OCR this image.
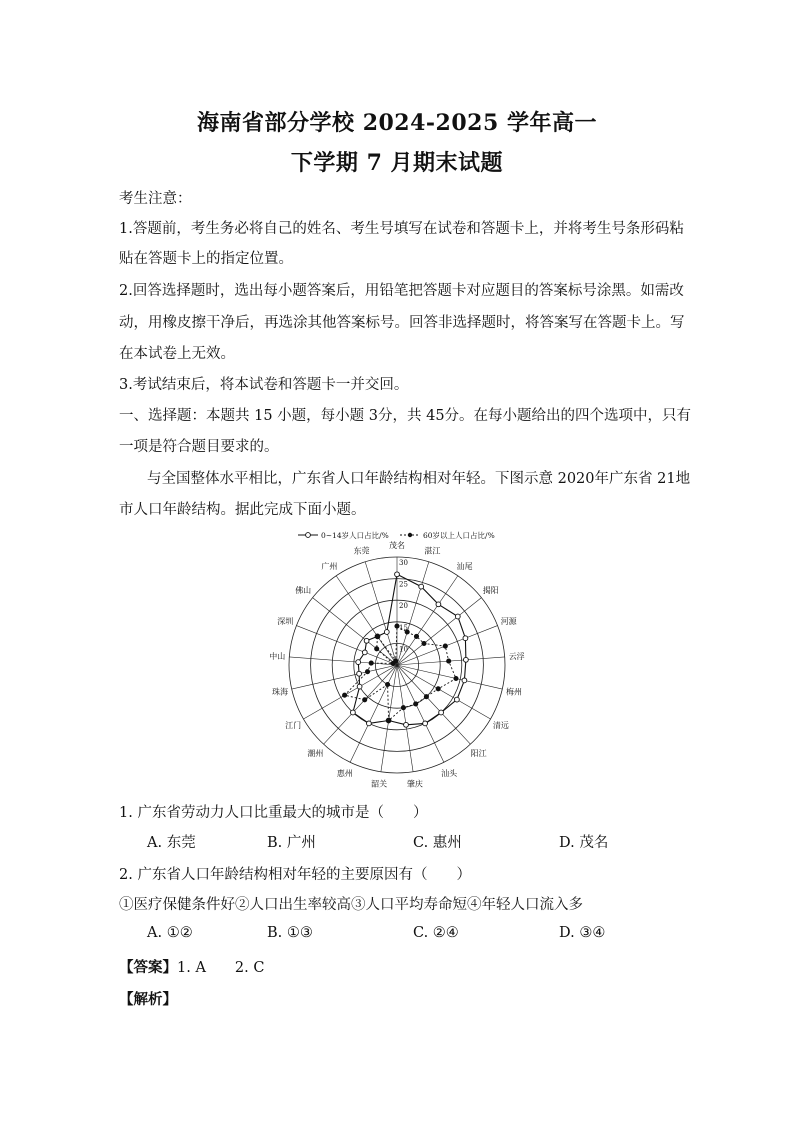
海南省部分学校 2024-2025 学年高一
下学期 7 月期末试题
考生注意：
1.答题前，考生务必将自己的姓名、考生号填写在试卷和答题卡上，并将考生号条形码粘
贴在答题卡上的指定位置。
2.回答选择题时，选出每小题答案后，用铅笔把答题卡对应题目的答案标号涂黑。如需改
动，用橡皮擦干净后，再选涂其他答案标号。回答非选择题时，将答案写在答题卡上。写
在本试卷上无效。
3.考试结束后，将本试卷和答题卡一并交回。
一、选择题：本题共 15 小题，每小题 3分，共 45分。在每小题给出的四个选项中，只有
一项是符合题目要求的。
与全国整体水平相比，广东省人口年龄结构相对年轻。下图示意 2020年广东省 21地
市人口年龄结构。据此完成下面小题。
0~14岁人口占比/%	60岁以上人口占比/%
10
15
20
25
30
茂名
湛江
汕尾
揭阳
河源
云浮
梅州
清远
阳江
汕头
肇庆
韶关
惠州
潮州
江门
珠海
中山
深圳
佛山
广州
东莞
1. 广东省劳动力人口比重最大的城市是（　　）
A. 东莞	B. 广州	C. 惠州	D. 茂名
2. 广东省人口年龄结构相对年轻的主要原因有（　　）
①医疗保健条件好②人口出生率较高③人口平均寿命短④年轻人口流入多
A. ①②	B. ①③	C. ②④	D. ③④
【答案】1. A　　2. C
【解析】
